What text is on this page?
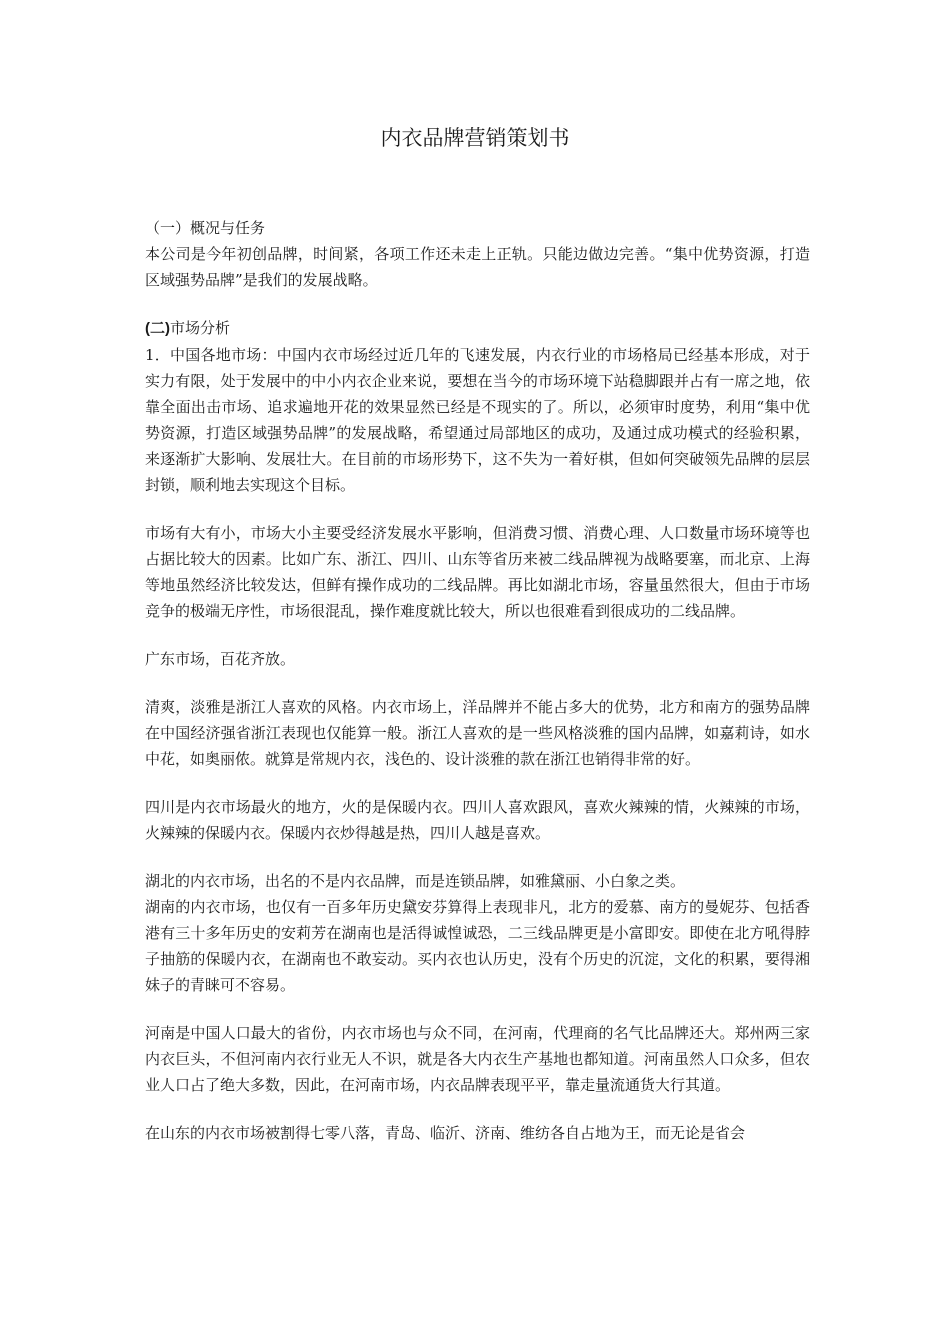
内衣品牌营销策划书

（一）概况与任务

本公司是今年初创品牌，时间紧，各项工作还未走上正轨。只能边做边完善。“集中优势资源，打造区域强势品牌”是我们的发展战略。

(二)市场分析

1．中国各地市场：中国内衣市场经过近几年的飞速发展，内衣行业的市场格局已经基本形成，对于实力有限，处于发展中的中小内衣企业来说，要想在当今的市场环境下站稳脚跟并占有一席之地，依靠全面出击市场、追求遍地开花的效果显然已经是不现实的了。所以，必须审时度势，利用“集中优势资源，打造区域强势品牌”的发展战略，希望通过局部地区的成功，及通过成功模式的经验积累，来逐渐扩大影响、发展壮大。在目前的市场形势下，这不失为一着好棋，但如何突破领先品牌的层层封锁，顺利地去实现这个目标。

市场有大有小，市场大小主要受经济发展水平影响，但消费习惯、消费心理、人口数量市场环境等也占据比较大的因素。比如广东、浙江、四川、山东等省历来被二线品牌视为战略要塞，而北京、上海等地虽然经济比较发达，但鲜有操作成功的二线品牌。再比如湖北市场，容量虽然很大，但由于市场竞争的极端无序性，市场很混乱，操作难度就比较大，所以也很难看到很成功的二线品牌。

广东市场，百花齐放。

清爽，淡雅是浙江人喜欢的风格。内衣市场上，洋品牌并不能占多大的优势，北方和南方的强势品牌在中国经济强省浙江表现也仅能算一般。浙江人喜欢的是一些风格淡雅的国内品牌，如嘉莉诗，如水中花，如奥丽侬。就算是常规内衣，浅色的、设计淡雅的款在浙江也销得非常的好。

四川是内衣市场最火的地方，火的是保暖内衣。四川人喜欢跟风，喜欢火辣辣的情，火辣辣的市场，火辣辣的保暖内衣。保暖内衣炒得越是热，四川人越是喜欢。

湖北的内衣市场，出名的不是内衣品牌，而是连锁品牌，如雅黛丽、小白象之类。

湖南的内衣市场，也仅有一百多年历史黛安芬算得上表现非凡，北方的爱慕、南方的曼妮芬、包括香港有三十多年历史的安莉芳在湖南也是活得诚惶诚恐，二三线品牌更是小富即安。即使在北方吼得脖子抽筋的保暖内衣，在湖南也不敢妄动。买内衣也认历史，没有个历史的沉淀，文化的积累，要得湘妹子的青睐可不容易。

河南是中国人口最大的省份，内衣市场也与众不同，在河南，代理商的名气比品牌还大。郑州两三家内衣巨头，不但河南内衣行业无人不识，就是各大内衣生产基地也都知道。河南虽然人口众多，但农业人口占了绝大多数，因此，在河南市场，内衣品牌表现平平，靠走量流通货大行其道。

在山东的内衣市场被割得七零八落，青岛、临沂、济南、维纺各自占地为王，而无论是省会
